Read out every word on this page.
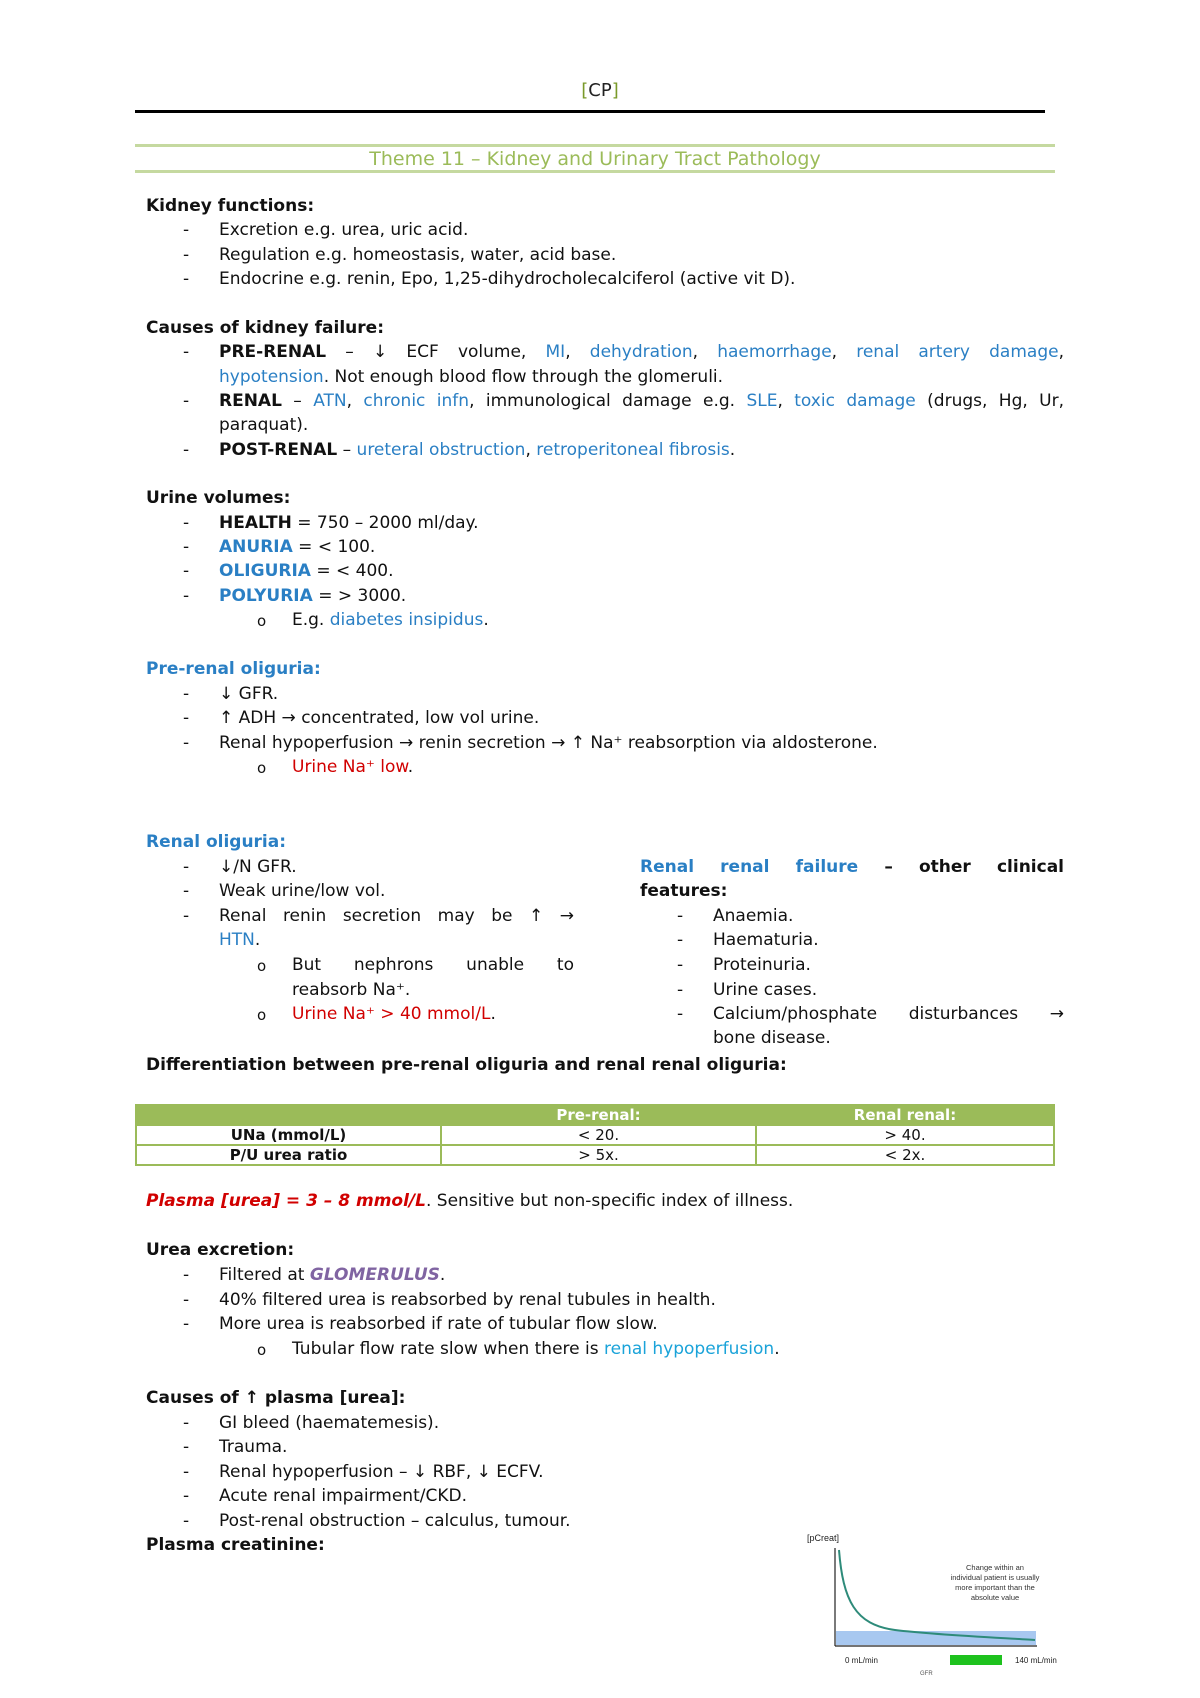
[CP]
Theme 11 – Kidney and Urinary Tract Pathology
Kidney functions:
- Excretion e.g. urea, uric acid.
- Regulation e.g. homeostasis, water, acid base.
- Endocrine e.g. renin, Epo, 1,25-dihydrocholecalciferol (active vit D).
Causes of kidney failure:
- PRE-RENAL – ↓ ECF volume, MI, dehydration, haemorrhage, renal artery damage,
hypotension. Not enough blood flow through the glomeruli.
- RENAL – ATN, chronic infn, immunological damage e.g. SLE, toxic damage (drugs, Hg, Ur,
paraquat).
- POST-RENAL – ureteral obstruction, retroperitoneal fibrosis.
Urine volumes:
- HEALTH = 750 – 2000 ml/day.
- ANURIA = < 100.
- OLIGURIA = < 400.
- POLYURIA = > 3000.
o E.g. diabetes insipidus.
Pre-renal oliguria:
- ↓ GFR.
- ↑ ADH → concentrated, low vol urine.
- Renal hypoperfusion → renin secretion → ↑ Na⁺ reabsorption via aldosterone.
o Urine Na⁺ low.
Renal oliguria:
- ↓/N GFR.
- Weak urine/low vol.
- Renal renin secretion may be ↑ →
HTN.
o But nephrons unable to
reabsorb Na⁺.
o Urine Na⁺ > 40 mmol/L.
Renal renal failure – other clinical
features:
- Anaemia.
- Haematuria.
- Proteinuria.
- Urine cases.
- Calcium/phosphate disturbances →
bone disease.
Differentiation between pre-renal oliguria and renal renal oliguria:
	Pre-renal:	Renal renal:
UNa (mmol/L)	< 20.	> 40.
P/U urea ratio	> 5x.	< 2x.
Plasma [urea] = 3 – 8 mmol/L. Sensitive but non-specific index of illness.
Urea excretion:
- Filtered at GLOMERULUS.
- 40% filtered urea is reabsorbed by renal tubules in health.
- More urea is reabsorbed if rate of tubular flow slow.
o Tubular flow rate slow when there is renal hypoperfusion.
Causes of ↑ plasma [urea]:
- GI bleed (haematemesis).
- Trauma.
- Renal hypoperfusion – ↓ RBF, ↓ ECFV.
- Acute renal impairment/CKD.
- Post-renal obstruction – calculus, tumour.
Plasma creatinine:	[pCreat]
Change within an
individual patient is usually
more important than the
absolute value
0 mL/min	140 mL/min
GFR
